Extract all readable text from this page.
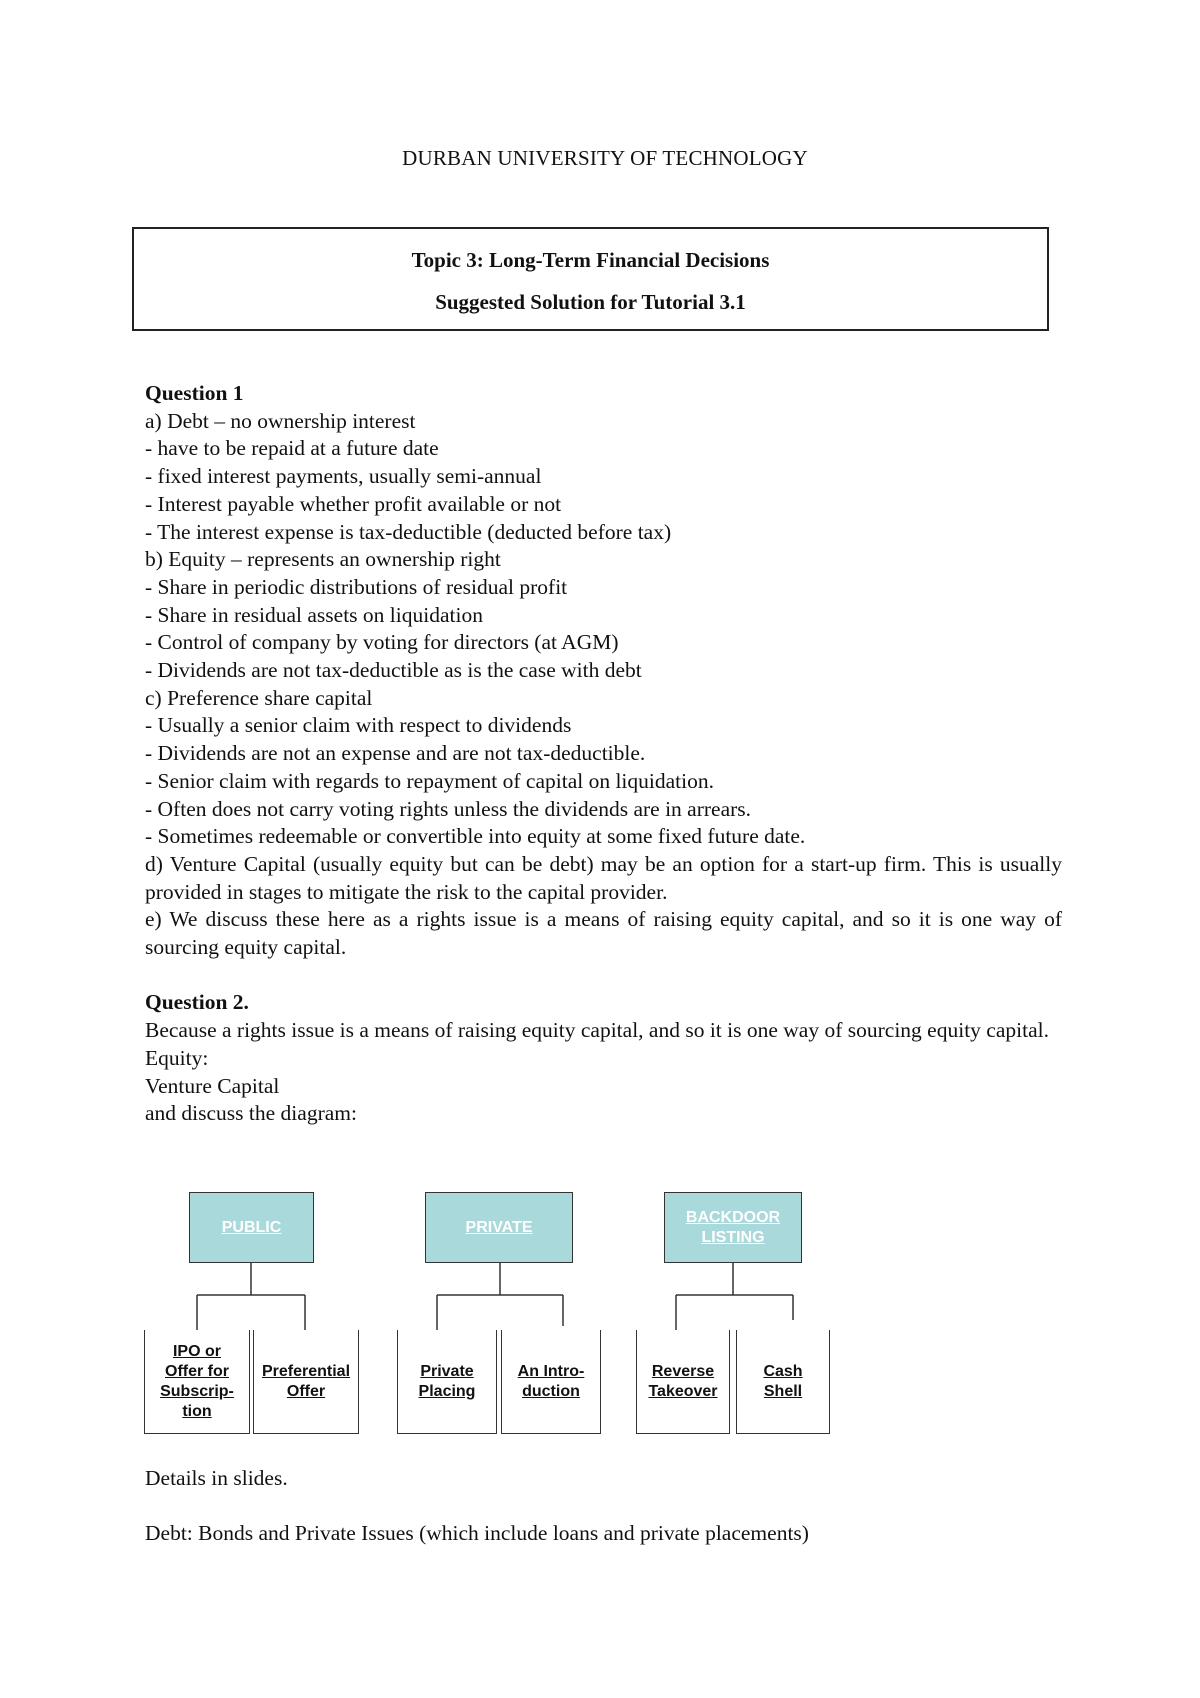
DURBAN UNIVERSITY OF TECHNOLOGY
Topic 3: Long-Term Financial Decisions
Suggested Solution for Tutorial 3.1

Question 1

a) Debt – no ownership interest

- have to be repaid at a future date

- fixed interest payments, usually semi-annual

- Interest payable whether profit available or not

- The interest expense is tax-deductible (deducted before tax)

b) Equity – represents an ownership right

- Share in periodic distributions of residual profit

- Share in residual assets on liquidation

- Control of company by voting for directors (at AGM)

- Dividends are not tax-deductible as is the case with debt

c) Preference share capital

- Usually a senior claim with respect to dividends

- Dividends are not an expense and are not tax-deductible.

- Senior claim with regards to repayment of capital on liquidation.

- Often does not carry voting rights unless the dividends are in arrears.

- Sometimes redeemable or convertible into equity at some fixed future date.

d) Venture Capital (usually equity but can be debt) may be an option for a start-up firm. This is usually provided in stages to mitigate the risk to the capital provider.

e) We discuss these here as a rights issue is a means of raising equity capital, and so it is one way of sourcing equity capital.

Question 2.

Because a rights issue is a means of raising equity capital, and so it is one way of sourcing equity capital.

Equity:

Venture Capital

and discuss the diagram:

PUBLIC	PRIVATE
BACKDOOR LISTING
IPO or Offer for Subscrip-tion
Preferential Offer
Private Placing
An Intro-duction
Reverse Takeover
Cash Shell
Details in slides.
Debt: Bonds and Private Issues (which include loans and private placements)
